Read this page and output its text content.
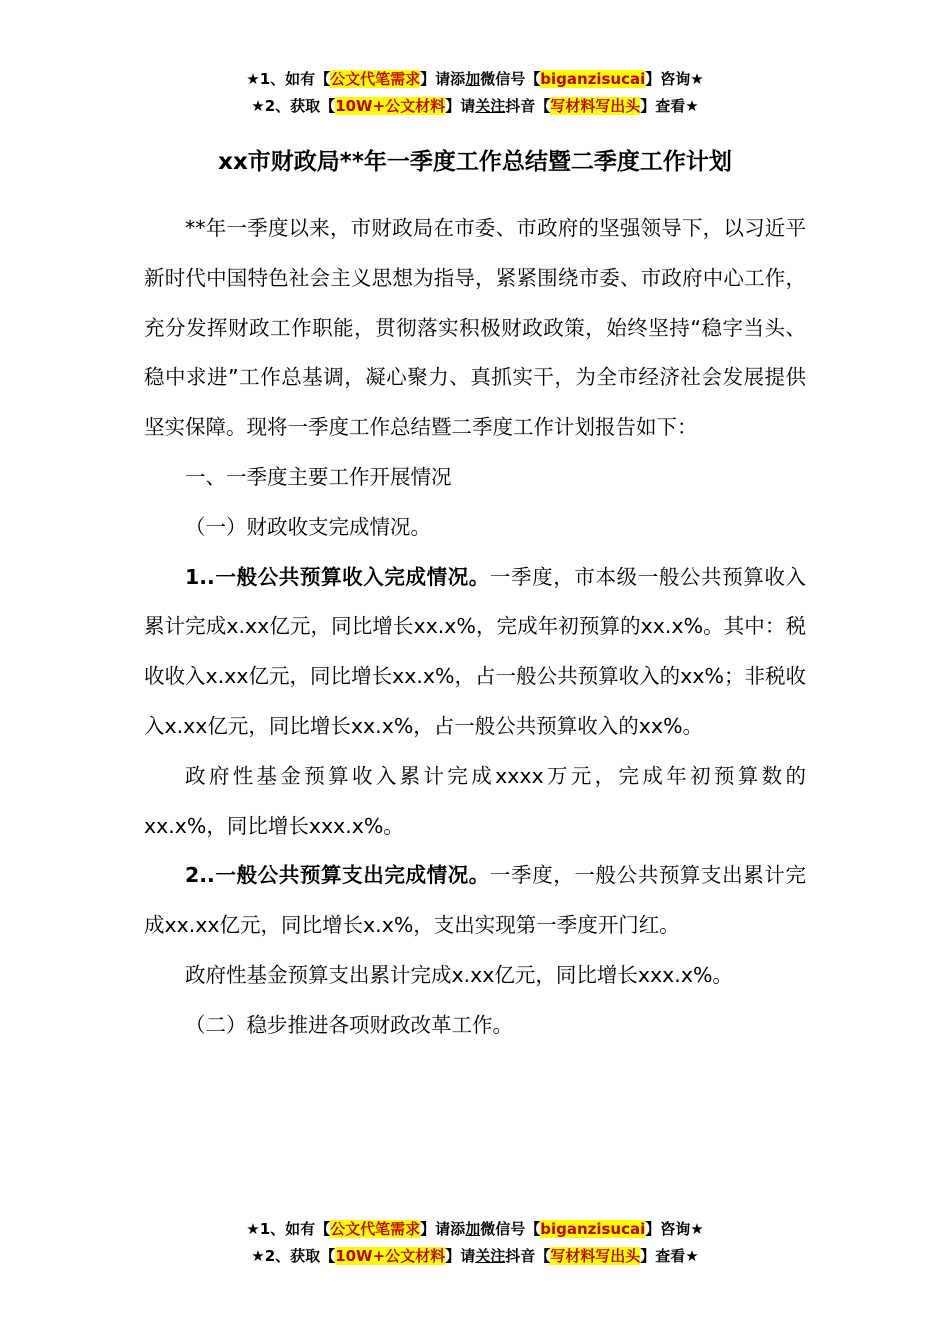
★1、如有【公文代笔需求】请添加微信号【biganzisucai】咨询★
★2、获取【10W+公文材料】请关注抖音【写材料写出头】查看★
xx市财政局**年一季度工作总结暨二季度工作计划

**年一季度以来，市财政局在市委、市政府的坚强领导下，以习近平新时代中国特色社会主义思想为指导，紧紧围绕市委、市政府中心工作，充分发挥财政工作职能，贯彻落实积极财政政策，始终坚持“稳字当头、稳中求进”工作总基调，凝心聚力、真抓实干，为全市经济社会发展提供坚实保障。现将一季度工作总结暨二季度工作计划报告如下：

一、一季度主要工作开展情况

（一）财政收支完成情况。

1..一般公共预算收入完成情况。一季度，市本级一般公共预算收入累计完成x.xx亿元，同比增长xx.x%，完成年初预算的xx.x%。其中：税收收入x.xx亿元，同比增长xx.x%，占一般公共预算收入的xx%；非税收入x.xx亿元，同比增长xx.x%，占一般公共预算收入的xx%。

政府性基金预算收入累计完成xxxx万元，完成年初预算数的xx.x%，同比增长xxx.x%。

2..一般公共预算支出完成情况。一季度，一般公共预算支出累计完成xx.xx亿元，同比增长x.x%，支出实现第一季度开门红。

政府性基金预算支出累计完成x.xx亿元，同比增长xxx.x%。

（二）稳步推进各项财政改革工作。

★1、如有【公文代笔需求】请添加微信号【biganzisucai】咨询★
★2、获取【10W+公文材料】请关注抖音【写材料写出头】查看★
